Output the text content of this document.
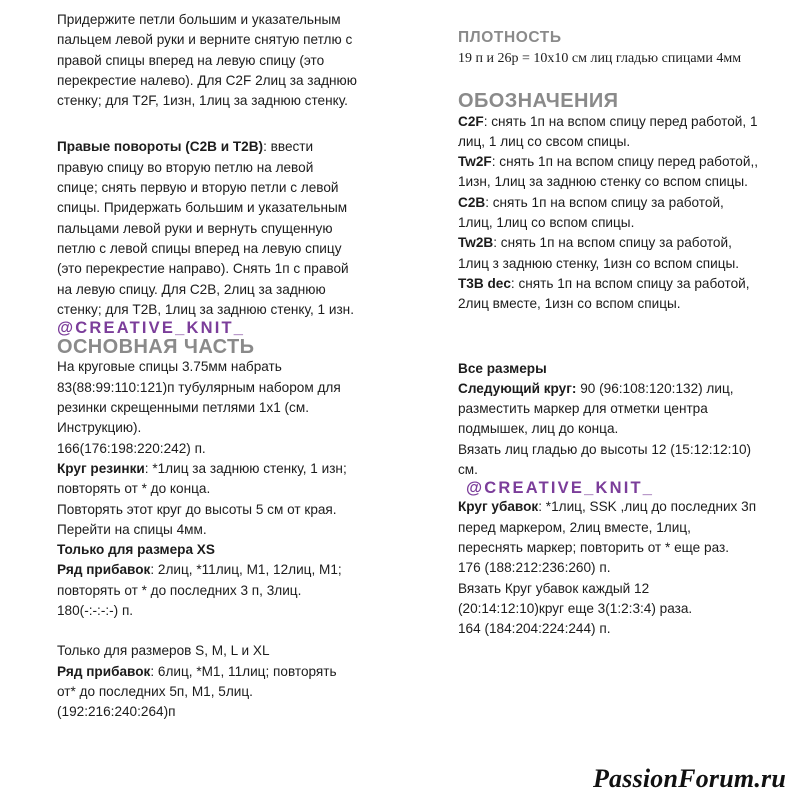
Придержите петли большим и указательным пальцем левой руки и верните снятую петлю с правой спицы вперед на левую спицу (это перекрестие налево). Для C2F 2лиц за заднюю стенку; для T2F, 1изн, 1лиц за заднюю стенку.

Правые повороты (C2B и T2B): ввести правую спицу во вторую петлю на левой спице; снять первую и вторую петли с левой спицы. Придержать большим и указательным пальцами левой руки и вернуть спущенную петлю с левой спицы вперед на левую спицу (это перекрестие направо). Снять 1п с правой на левую спицу. Для C2B, 2лиц за заднюю стенку; для T2B, 1лиц за заднюю стенку, 1 изн.

@CREATIVE_KNIT_
ОСНОВНАЯ ЧАСТЬ

На круговые спицы 3.75мм набрать 83(88:99:110:121)п тубулярным набором для резинки скрещенными петлями 1х1 (см. Инструкцию).

166(176:198:220:242) п.

Круг резинки: *1лиц за заднюю стенку, 1 изн; повторять от * до конца.

Повторять этот круг до высоты 5 см от края.

Перейти на спицы 4мм.

Только для размера XS

Ряд прибавок: 2лиц, *11лиц, M1, 12лиц, M1; повторять от * до последних 3 п, 3лиц.

180(-:-:-:-) п.

Только для размеров S, M, L и XL

Ряд прибавок: 6лиц, *M1, 11лиц; повторять от* до последних 5п, M1, 5лиц.

(192:216:240:264)п

ПЛОТНОСТЬ

19 п и 26р = 10x10 см лиц гладью спицами 4мм

ОБОЗНАЧЕНИЯ

C2F: снять 1п на вспом спицу перед работой, 1 лиц, 1 лиц со свсом спицы.

Tw2F: снять 1п на вспом спицу перед работой,, 1изн, 1лиц за заднюю стенку со вспом спицы.

C2B: снять 1п на вспом спицу за работой, 1лиц, 1лиц со вспом спицы.

Tw2B: снять 1п на вспом спицу за работой, 1лиц з заднюю стенку, 1изн со вспом спицы.

T3B dec: снять 1п на вспом спицу за работой, 2лиц вместе, 1изн со вспом спицы.

Все размеры

Следующий круг: 90 (96:108:120:132) лиц, разместить маркер для отметки центра подмышек, лиц до конца.

Вязать лиц гладью до высоты 12 (15:12:12:10) см.

@CREATIVE_KNIT_

Круг убавок: *1лиц, SSK ,лиц до последних 3п перед маркером, 2лиц вместе, 1лиц, переснять маркер; повторить от * еще раз.

176 (188:212:236:260) п.

Вязать Круг убавок каждый 12 (20:14:12:10)круг еще 3(1:2:3:4) раза.

164 (184:204:224:244) п.

PassionForum.ru
